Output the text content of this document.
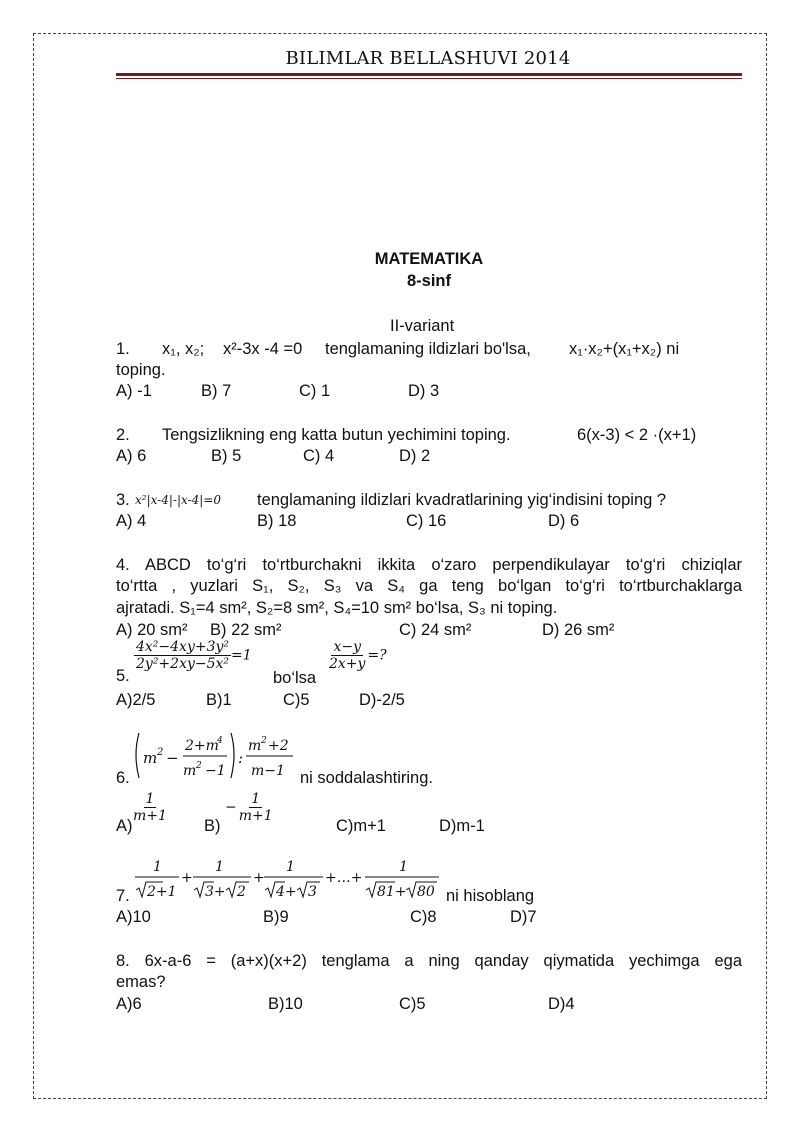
BILIMLAR BELLASHUVI 2014
MATEMATIKA
8-sinf
II-variant
1. x₁, x₂; x²-3x -4 =0 tenglamaning ildizlari bo'lsa, x₁·x₂+(x₁+x₂) ni
toping.
A) -1	B) 7	C) 1	D) 3
2. Tengsizlikning eng katta butun yechimini toping.	6(x-3) < 2 ·(x+1)
A) 6	B) 5	C) 4	D) 2
3. x²|x-4|-|x-4|=0 tenglamaning ildizlari kvadratlarining yig‘indisini toping ?
A) 4	B) 18	C) 16	D) 6
4. ABCD to‘g‘ri to‘rtburchakni ikkita o‘zaro perpendikulayar to‘g‘ri chiziqlar
to‘rtta , yuzlari S₁, S₂, S₃ va S₄ ga teng bo‘lgan to‘g‘ri to‘rtburchaklarga
ajratadi. S₁=4 sm², S₂=8 sm², S₄=10 sm² bo‘lsa, S₃ ni toping.
A) 20 sm² B) 22 sm²	C) 24 sm²	D) 26 sm²
5.
$\frac{\text{4x²−4xy+3y²}}{\text{2y²+2xy−5x²}} =1$
bo‘lsa
$\frac{x-y}{2x+y}$ =?
A)2/5	B)1	C)5	D)-2/5
6.
m 2 −
2+m
4
m 2 −1
:
m 2 +2
m−1 ni soddalashtiring.
A)
$\frac{1}{m+1}$
B)
− $\frac{1}{m+1}$
C)m+1	D)m-1
7.
1
2+1
+
1
3+ 2
+
1
4+ 3
+…+
1
81+ 80 ni hisoblang
A)10	B)9	C)8	D)7
8. 6x-a-6 = (a+x)(x+2) tenglama a ning qanday qiymatida yechimga ega
emas?
A)6	B)10	C)5	D)4
